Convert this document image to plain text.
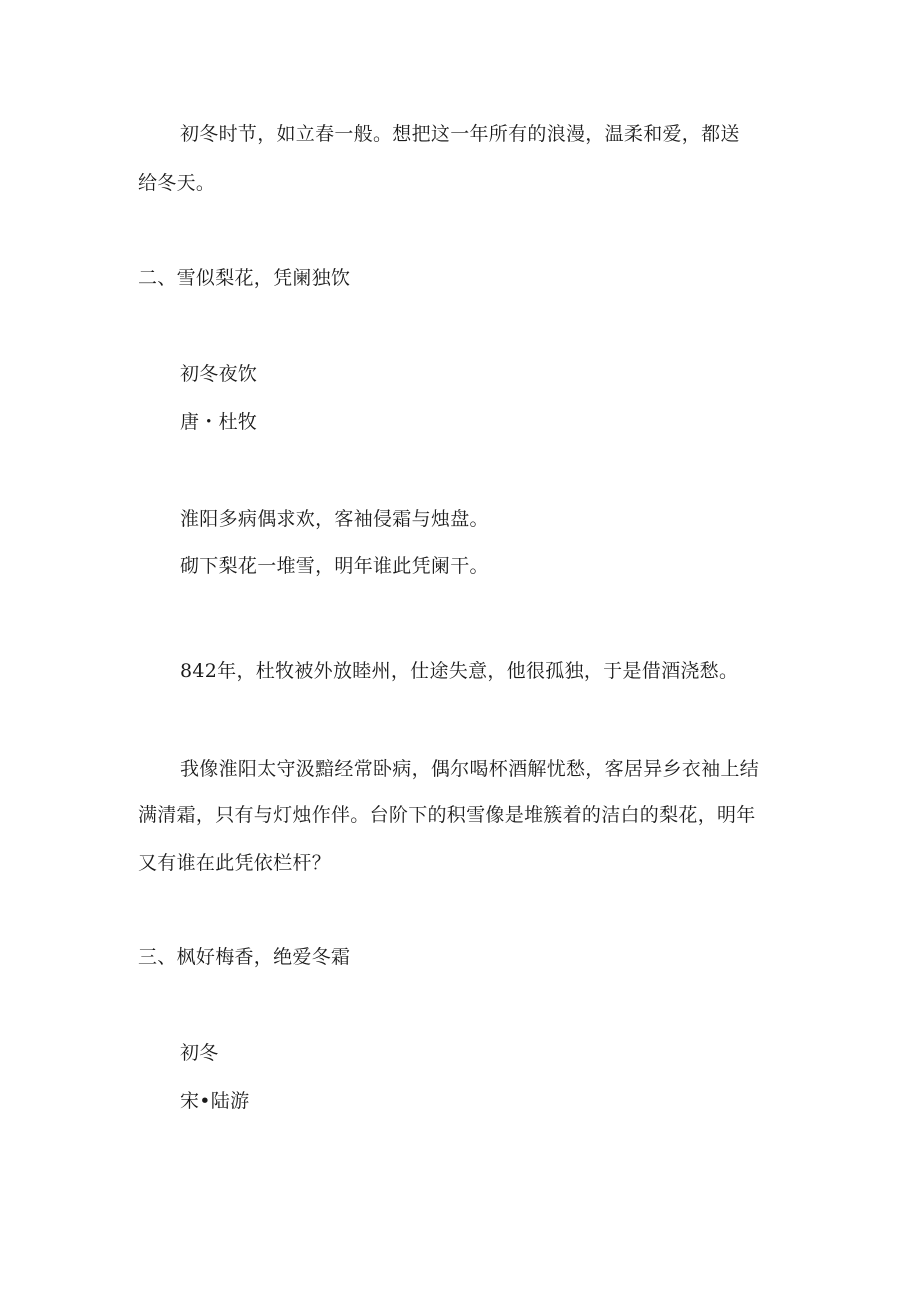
初冬时节，如立春一般。想把这一年所有的浪漫，温柔和爱，都送
给冬天。
二、雪似梨花，凭阑独饮
初冬夜饮
唐・杜牧
淮阳多病偶求欢，客袖侵霜与烛盘。
砌下梨花一堆雪，明年谁此凭阑干。
842年，杜牧被外放睦州，仕途失意，他很孤独，于是借酒浇愁。
我像淮阳太守汲黯经常卧病，偶尔喝杯酒解忧愁，客居异乡衣袖上结
满清霜，只有与灯烛作伴。台阶下的积雪像是堆簇着的洁白的梨花，明年
又有谁在此凭依栏杆？
三、枫好梅香，绝爱冬霜
初冬
宋•陆游
